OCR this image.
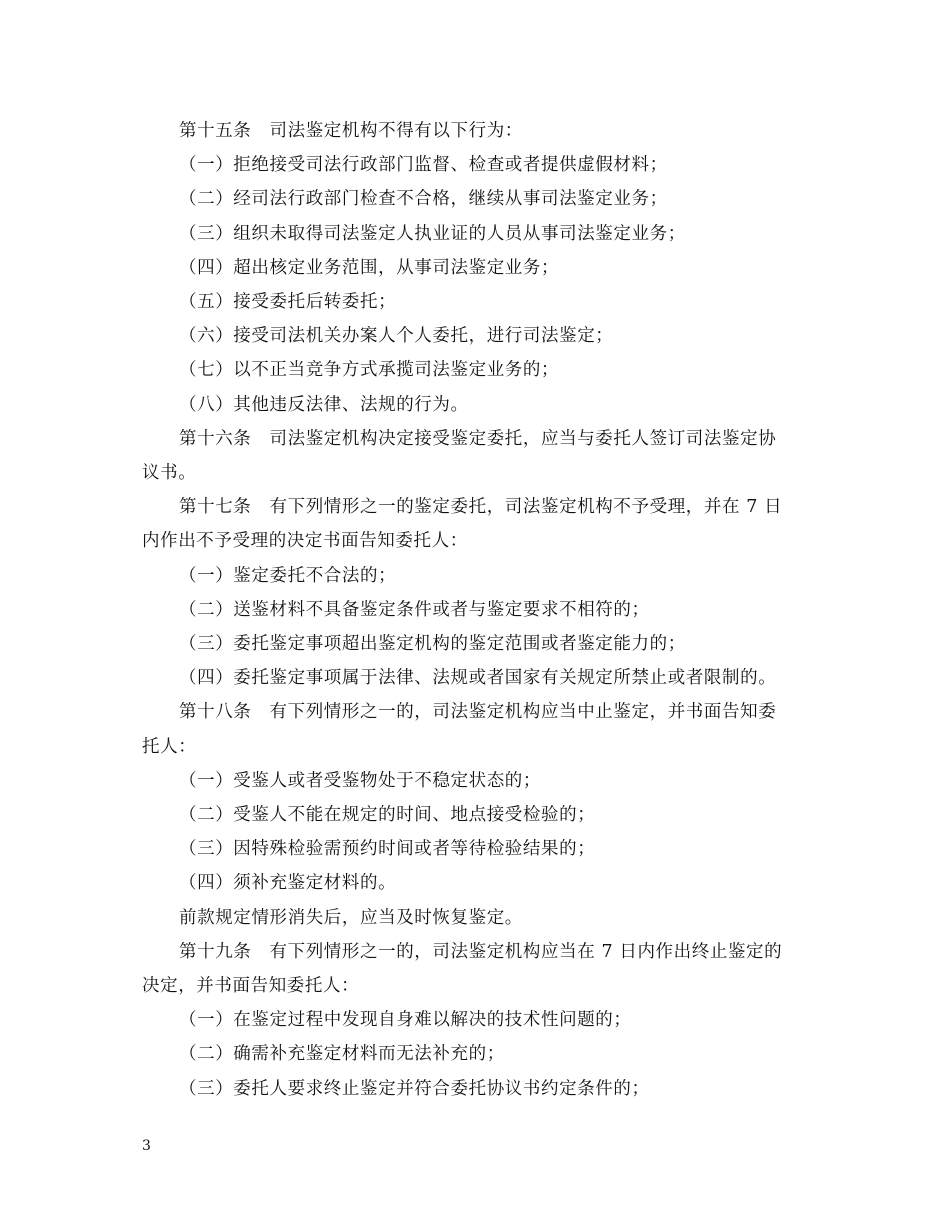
第十五条　司法鉴定机构不得有以下行为：
（一）拒绝接受司法行政部门监督、检查或者提供虚假材料；
（二）经司法行政部门检查不合格，继续从事司法鉴定业务；
（三）组织未取得司法鉴定人执业证的人员从事司法鉴定业务；
（四）超出核定业务范围，从事司法鉴定业务；
（五）接受委托后转委托；
（六）接受司法机关办案人个人委托，进行司法鉴定；
（七）以不正当竞争方式承揽司法鉴定业务的；
（八）其他违反法律、法规的行为。
第十六条　司法鉴定机构决定接受鉴定委托，应当与委托人签订司法鉴定协
议书。
第十七条　有下列情形之一的鉴定委托，司法鉴定机构不予受理，并在 7 日
内作出不予受理的决定书面告知委托人：
（一）鉴定委托不合法的；
（二）送鉴材料不具备鉴定条件或者与鉴定要求不相符的；
（三）委托鉴定事项超出鉴定机构的鉴定范围或者鉴定能力的；
（四）委托鉴定事项属于法律、法规或者国家有关规定所禁止或者限制的。
第十八条　有下列情形之一的，司法鉴定机构应当中止鉴定，并书面告知委
托人：
（一）受鉴人或者受鉴物处于不稳定状态的；
（二）受鉴人不能在规定的时间、地点接受检验的；
（三）因特殊检验需预约时间或者等待检验结果的；
（四）须补充鉴定材料的。
前款规定情形消失后，应当及时恢复鉴定。
第十九条　有下列情形之一的，司法鉴定机构应当在 7 日内作出终止鉴定的
决定，并书面告知委托人：
（一）在鉴定过程中发现自身难以解决的技术性问题的；
（二）确需补充鉴定材料而无法补充的；
（三）委托人要求终止鉴定并符合委托协议书约定条件的；
3
